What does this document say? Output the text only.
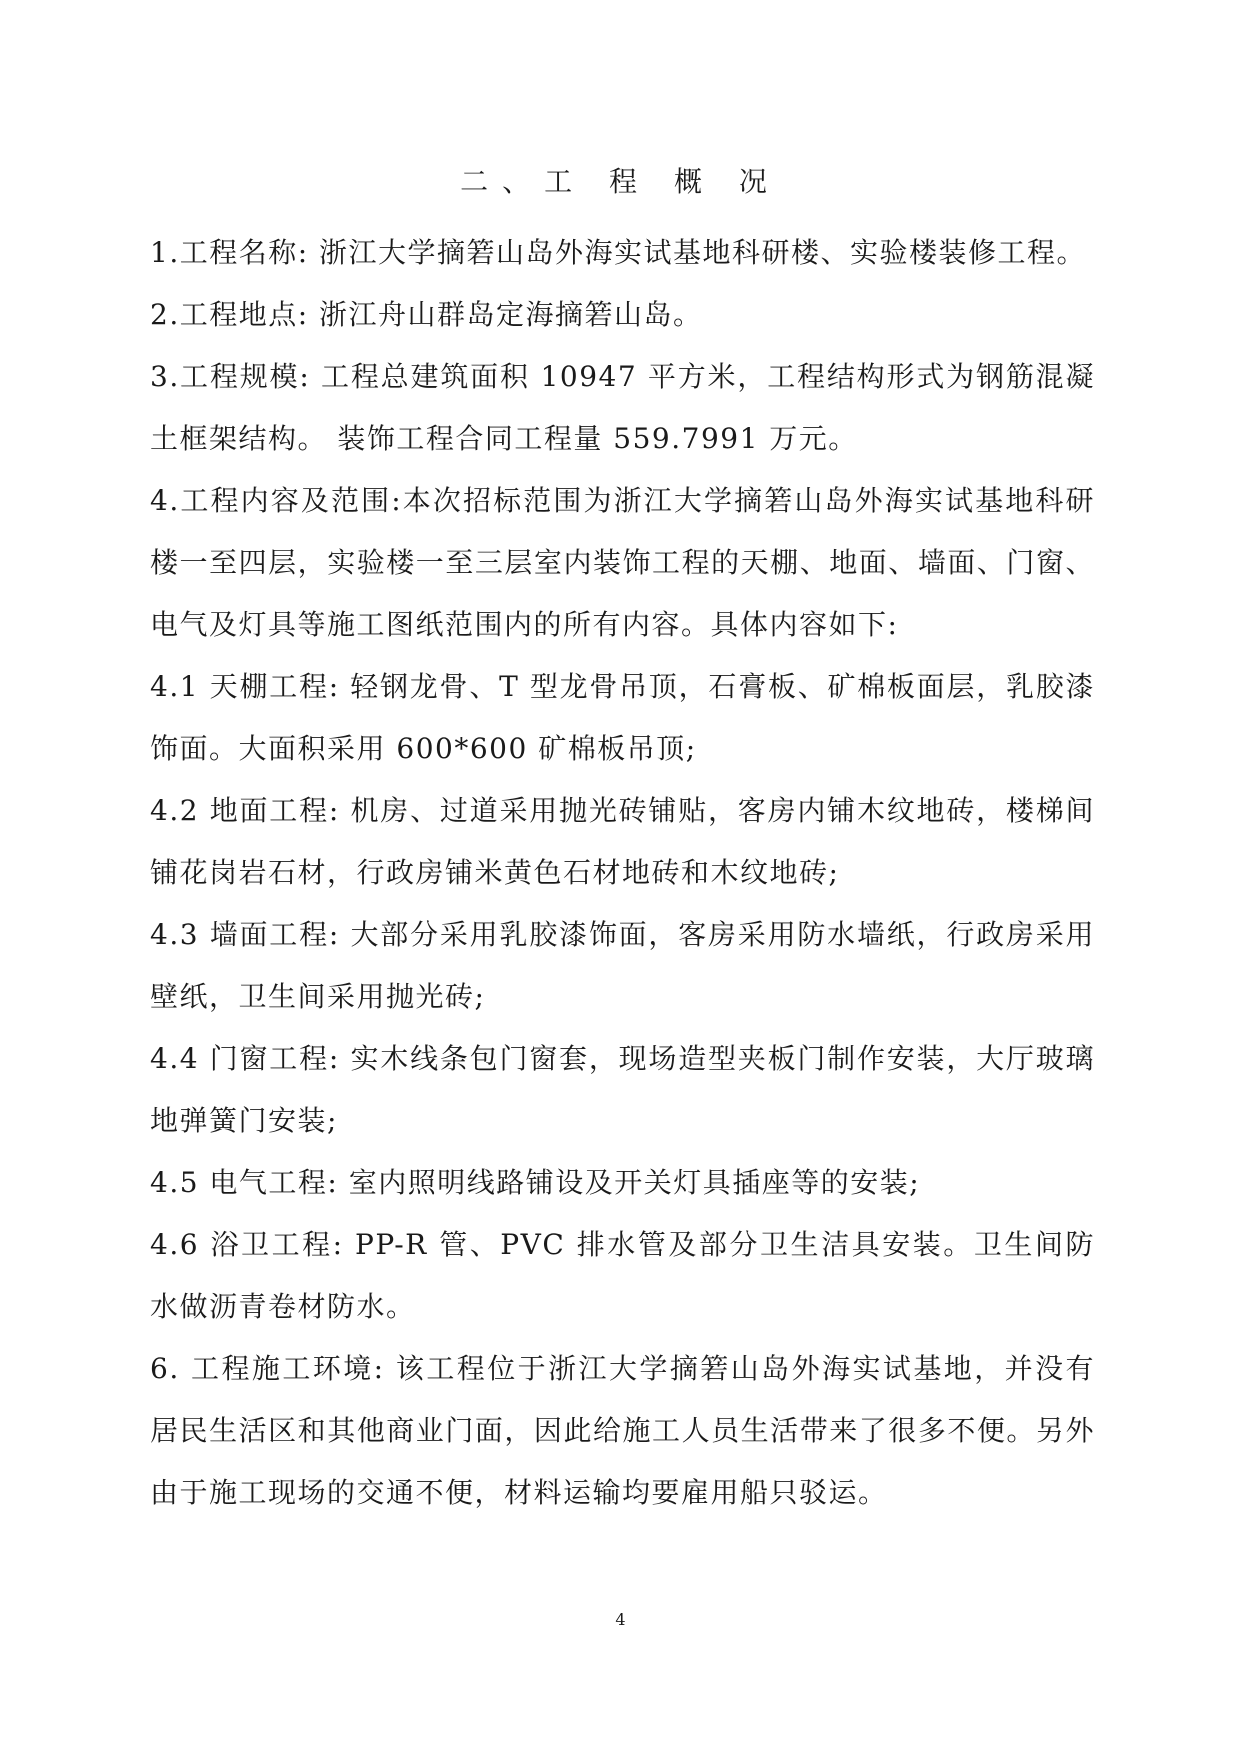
二、工 程 概 况

1.工程名称: 浙江大学摘箬山岛外海实试基地科研楼、实验楼装修工程。

2.工程地点: 浙江舟山群岛定海摘箬山岛。

3.工程规模: 工程总建筑面积 10947 平方米，工程结构形式为钢筋混凝土框架结构。 装饰工程合同工程量 559.7991 万元。

4.工程内容及范围:本次招标范围为浙江大学摘箬山岛外海实试基地科研楼一至四层，实验楼一至三层室内装饰工程的天棚、地面、墙面、门窗、电气及灯具等施工图纸范围内的所有内容。具体内容如下:

4.1 天棚工程: 轻钢龙骨、T 型龙骨吊顶，石膏板、矿棉板面层，乳胶漆饰面。大面积采用 600*600 矿棉板吊顶;

4.2 地面工程: 机房、过道采用抛光砖铺贴，客房内铺木纹地砖，楼梯间铺花岗岩石材，行政房铺米黄色石材地砖和木纹地砖;

4.3 墙面工程: 大部分采用乳胶漆饰面，客房采用防水墙纸，行政房采用壁纸，卫生间采用抛光砖;

4.4 门窗工程: 实木线条包门窗套，现场造型夹板门制作安装，大厅玻璃地弹簧门安装;

4.5 电气工程: 室内照明线路铺设及开关灯具插座等的安装;

4.6 浴卫工程: PP-R 管、PVC 排水管及部分卫生洁具安装。卫生间防水做沥青卷材防水。

6. 工程施工环境: 该工程位于浙江大学摘箬山岛外海实试基地，并没有居民生活区和其他商业门面，因此给施工人员生活带来了很多不便。另外由于施工现场的交通不便，材料运输均要雇用船只驳运。

4
